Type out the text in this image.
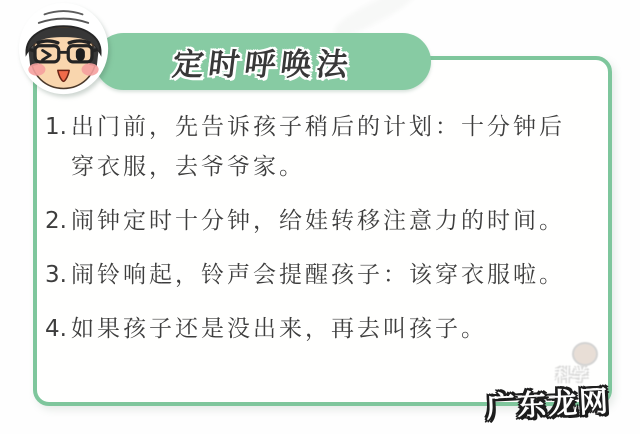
1. 出门前，先告诉孩子稍后的计划：十分钟后
穿衣服，去爷爷家。
2. 闹钟定时十分钟，给娃转移注意力的时间。
3. 闹铃响起，铃声会提醒孩子：该穿衣服啦。
4. 如果孩子还是没出来，再去叫孩子。
定时呼唤法
科学
广东龙网
